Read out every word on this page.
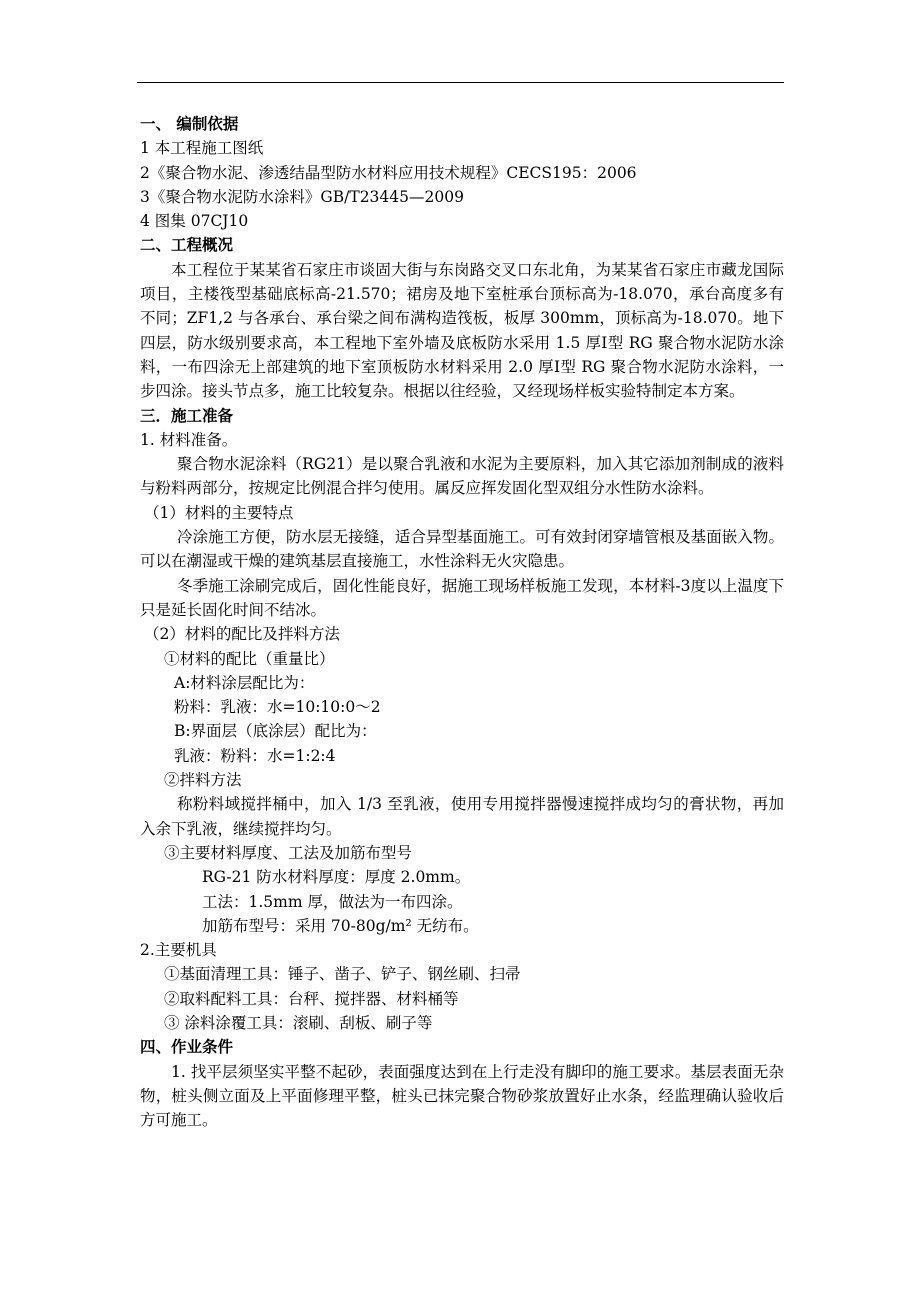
一、 编制依据
1 本工程施工图纸
2《聚合物水泥、渗透结晶型防水材料应用技术规程》CECS195：2006
3《聚合物水泥防水涂料》GB/T23445—2009
4 图集 07CJ10
二、工程概况
本工程位于某某省石家庄市谈固大街与东岗路交叉口东北角，为某某省石家庄市藏龙国际项目，主楼筏型基础底标高-21.570；裙房及地下室桩承台顶标高为-18.070，承台高度多有不同；ZF1,2 与各承台、承台梁之间布满构造筏板，板厚 300mm，顶标高为-18.070。地下四层，防水级别要求高，本工程地下室外墙及底板防水采用 1.5 厚Ⅰ型 RG 聚合物水泥防水涂料，一布四涂无上部建筑的地下室顶板防水材料采用 2.0 厚Ⅰ型 RG 聚合物水泥防水涂料，一步四涂。接头节点多，施工比较复杂。根据以往经验，又经现场样板实验特制定本方案。
三．施工准备
1. 材料准备。
聚合物水泥涂料（RG21）是以聚合乳液和水泥为主要原料，加入其它添加剂制成的液料与粉料两部分，按规定比例混合拌匀使用。属反应挥发固化型双组分水性防水涂料。
（1）材料的主要特点
冷涂施工方便，防水层无接缝，适合异型基面施工。可有效封闭穿墙管根及基面嵌入物。可以在潮湿或干燥的建筑基层直接施工，水性涂料无火灾隐患。
冬季施工涂刷完成后，固化性能良好，据施工现场样板施工发现，本材料-3度以上温度下只是延长固化时间不结冰。
（2）材料的配比及拌料方法
①材料的配比（重量比）
A:材料涂层配比为：
粉料：乳液：水=10:10:0～2
B:界面层（底涂层）配比为：
乳液：粉料：水=1:2:4
②拌料方法
称粉料域搅拌桶中，加入 1/3 至乳液，使用专用搅拌器慢速搅拌成均匀的膏状物，再加入余下乳液，继续搅拌均匀。
③主要材料厚度、工法及加筋布型号
RG-21 防水材料厚度：厚度 2.0mm。
工法：1.5mm 厚，做法为一布四涂。
加筋布型号：采用 70-80g/m² 无纺布。
2.主要机具
①基面清理工具：锤子、凿子、铲子、钢丝刷、扫帚
②取料配料工具：台秤、搅拌器、材料桶等
③ 涂料涂覆工具：滚刷、刮板、刷子等
四、作业条件
1. 找平层须坚实平整不起砂，表面强度达到在上行走没有脚印的施工要求。基层表面无杂物，桩头侧立面及上平面修理平整，桩头已抹完聚合物砂浆放置好止水条，经监理确认验收后方可施工。
